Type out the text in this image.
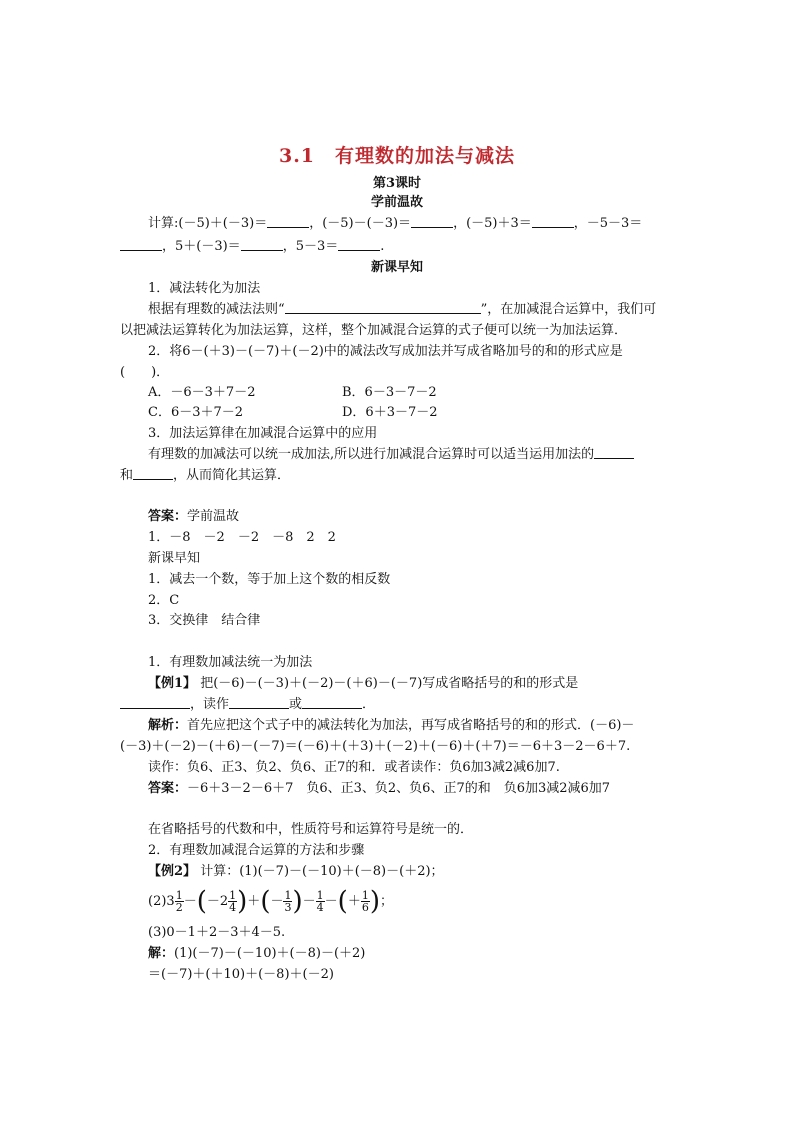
3.1　有理数的加法与减法
第3课时
学前温故
计算:(－5)＋(－3)＝	，(－5)－(－3)＝	，(－5)＋3＝	，－5－3＝
，5＋(－3)＝	，5－3＝	.
新课早知
1．减法转化为加法
根据有理数的减法法则“	”，在加减混合运算中，我们可
以把减法运算转化为加法运算，这样，整个加减混合运算的式子便可以统一为加法运算．
2．将6－(＋3)－(－7)＋(－2)中的减法改写成加法并写成省略加号的和的形式应是
(　　)．
A．－6－3＋7－2	B．6－3－7－2
C．6－3＋7－2	D．6＋3－7－2
3．加法运算律在加减混合运算中的应用
有理数的加减法可以统一成加法,所以进行加减混合运算时可以适当运用加法的
和	，从而简化其运算．
答案：学前温故
1．－8　－2　－2　－8　2　2
新课早知
1．减去一个数，等于加上这个数的相反数
2．C
3．交换律　结合律
1．有理数加减法统一为加法
【例1】 把(－6)－(－3)＋(－2)－(＋6)－(－7)写成省略括号的和的形式是
，读作	或	．
解析：首先应把这个式子中的减法转化为加法，再写成省略括号的和的形式．(－6)－
(－3)＋(－2)－(＋6)－(－7)＝(－6)＋(＋3)＋(－2)＋(－6)＋(＋7)＝－6＋3－2－6＋7.
读作：负6、正3、负2、负6、正7的和．或者读作：负6加3减2减6加7.
答案：－6＋3－2－6＋7　负6、正3、负2、负6、正7的和　负6加3减2减6加7
在省略括号的代数和中，性质符号和运算符号是统一的．
2．有理数加减混合运算的方法和步骤
【例2】 计算：(1)(－7)－(－10)＋(－8)－(＋2)；
$(2)3 \frac{1}{2} -(-2 \frac{1}{4}$ )＋(－ $\frac{1}{3}$ )－ $\frac{1}{4}$ －(＋ $\frac{1}{6}$ )；
(3)0－1＋2－3＋4－5.
解：(1)(－7)－(－10)＋(－8)－(＋2)
＝(－7)＋(＋10)＋(－8)＋(－2)
